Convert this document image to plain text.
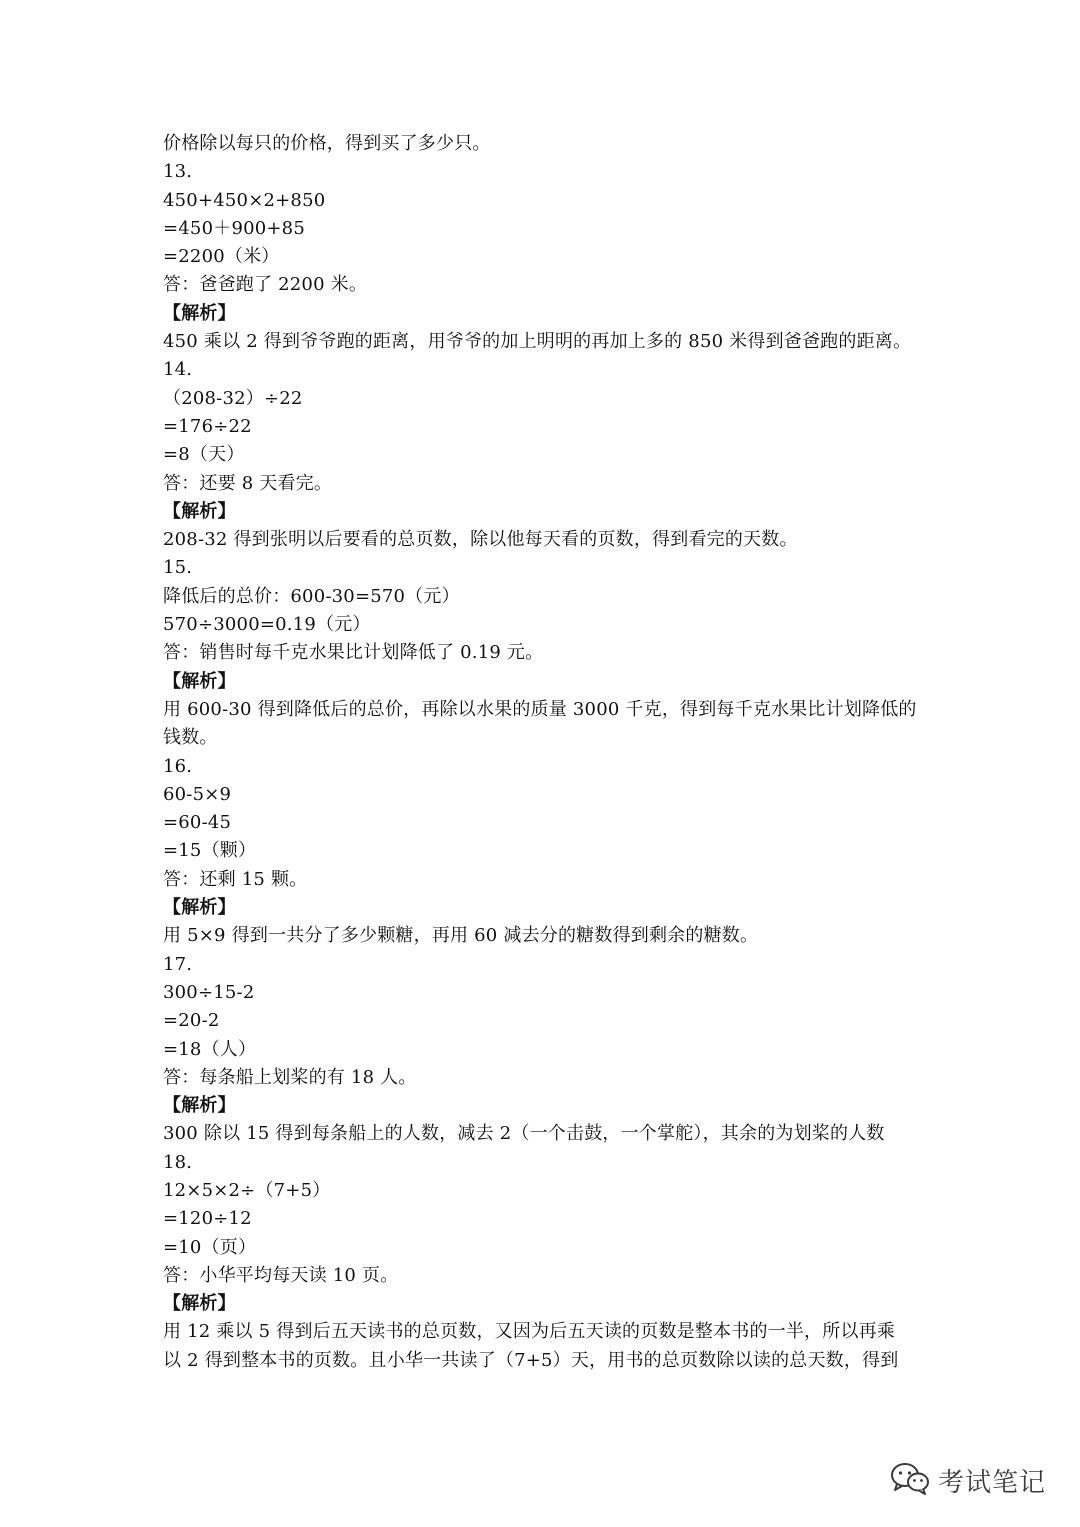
价格除以每只的价格，得到买了多少只。
13.
450+450×2+850
=450＋900+85
=2200（米）
答：爸爸跑了 2200 米。
【解析】
450 乘以 2 得到爷爷跑的距离，用爷爷的加上明明的再加上多的 850 米得到爸爸跑的距离。
14.
（208-32）÷22
=176÷22
=8（天）
答：还要 8 天看完。
【解析】
208-32 得到张明以后要看的总页数，除以他每天看的页数，得到看完的天数。
15.
降低后的总价：600-30=570（元）
570÷3000=0.19（元）
答：销售时每千克水果比计划降低了 0.19 元。
【解析】
用 600-30 得到降低后的总价，再除以水果的质量 3000 千克，得到每千克水果比计划降低的
钱数。
16.
60-5×9
=60-45
=15（颗）
答：还剩 15 颗。
【解析】
用 5×9 得到一共分了多少颗糖，再用 60 减去分的糖数得到剩余的糖数。
17.
300÷15-2
=20-2
=18（人）
答：每条船上划桨的有 18 人。
【解析】
300 除以 15 得到每条船上的人数，减去 2（一个击鼓，一个掌舵），其余的为划桨的人数
18.
12×5×2÷（7+5）
=120÷12
=10（页）
答：小华平均每天读 10 页。
【解析】
用 12 乘以 5 得到后五天读书的总页数，又因为后五天读的页数是整本书的一半，所以再乘
以 2 得到整本书的页数。且小华一共读了（7+5）天，用书的总页数除以读的总天数，得到
考试笔记
